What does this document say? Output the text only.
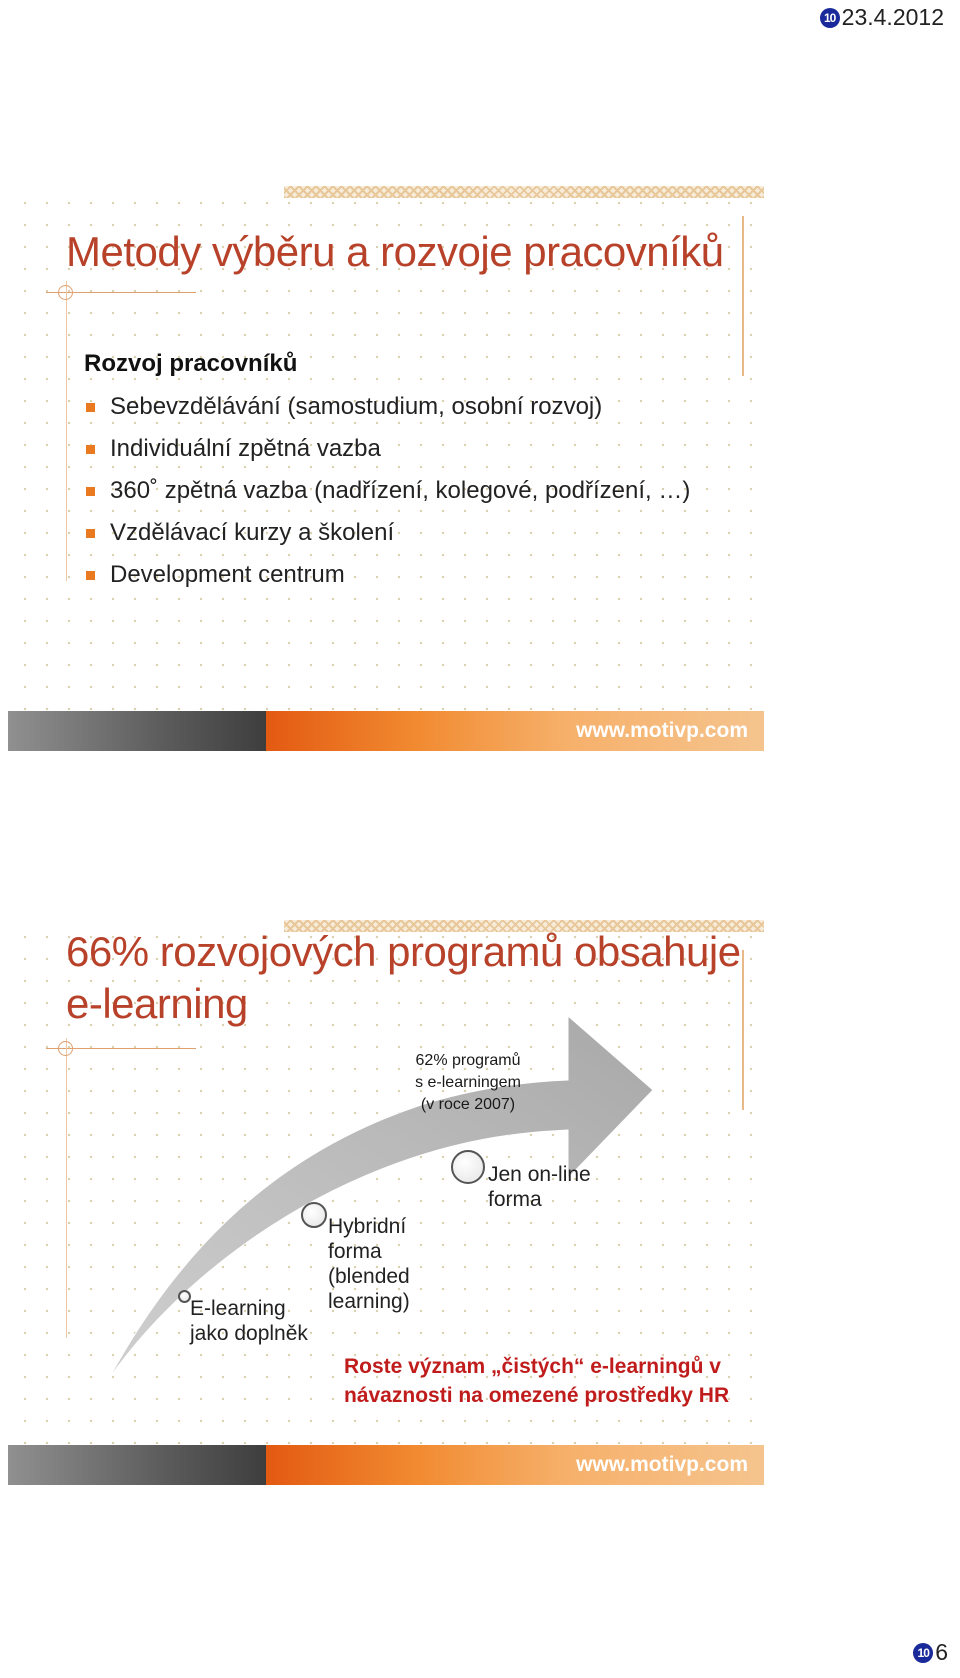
10 23.4.2012
Metody výběru a rozvoje pracovníků
Rozvoj pracovníků
Sebevzdělávání (samostudium, osobní rozvoj)
Individuální zpětná vazba
360˚ zpětná vazba (nadřízení, kolegové, podřízení, …)
Vzdělávací kurzy a školení
Development centrum
www.motivp.com
66% rozvojových programů obsahuje e-learning

62% programů
s e-learningem
(v roce 2007)

E-learning
jako doplněk

Hybridní
forma
(blended
learning)

Jen on-line
forma

Roste význam „čistých“ e-learningů v
návaznosti na omezené prostředky HR

www.motivp.com
10 6
